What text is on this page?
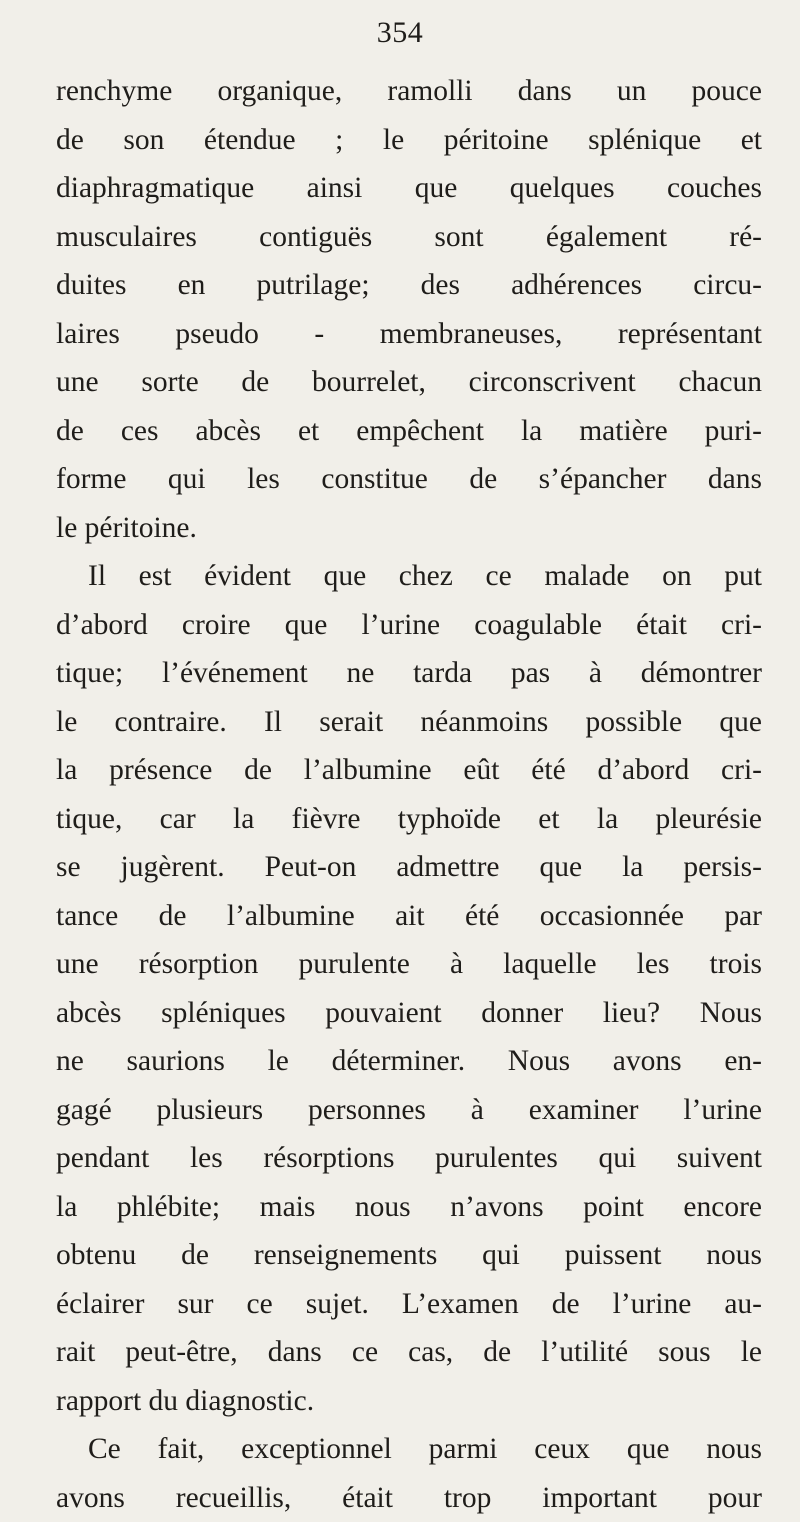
354
renchyme organique, ramolli dans un pouce
de son étendue ; le péritoine splénique et
diaphragmatique ainsi que quelques couches
musculaires contiguës sont également ré-
duites en putrilage; des adhérences circu-
laires pseudo - membraneuses, représentant
une sorte de bourrelet, circonscrivent chacun
de ces abcès et empêchent la matière puri-
forme qui les constitue de s’épancher dans
le péritoine.
Il est évident que chez ce malade on put
d’abord croire que l’urine coagulable était cri-
tique; l’événement ne tarda pas à démontrer
le contraire. Il serait néanmoins possible que
la présence de l’albumine eût été d’abord cri-
tique, car la fièvre typhoïde et la pleurésie
se jugèrent. Peut-on admettre que la persis-
tance de l’albumine ait été occasionnée par
une résorption purulente à laquelle les trois
abcès spléniques pouvaient donner lieu? Nous
ne saurions le déterminer. Nous avons en-
gagé plusieurs personnes à examiner l’urine
pendant les résorptions purulentes qui suivent
la phlébite; mais nous n’avons point encore
obtenu de renseignements qui puissent nous
éclairer sur ce sujet. L’examen de l’urine au-
rait peut-être, dans ce cas, de l’utilité sous le
rapport du diagnostic.
Ce fait, exceptionnel parmi ceux que nous
avons recueillis, était trop important pour
